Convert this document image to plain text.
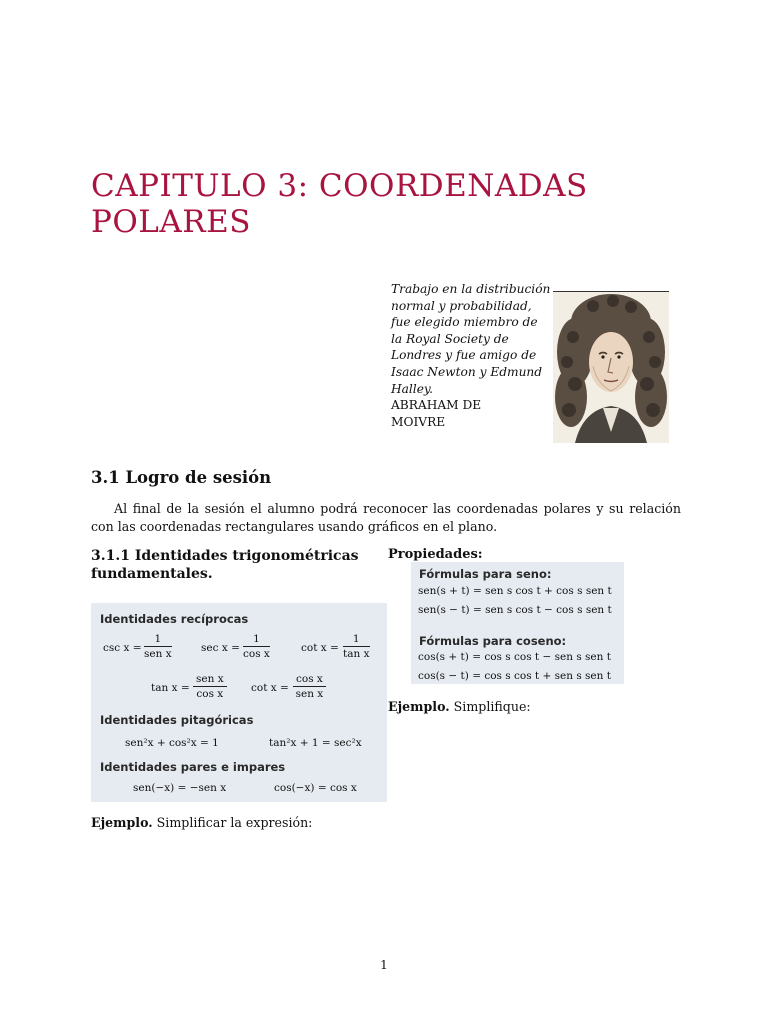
CAPITULO 3: COORDENADAS POLARES
Trabajo en la distribución normal y probabilidad, fue elegido miembro de la Royal Society de Londres y fue amigo de Isaac Newton y Edmund Halley.
ABRAHAM DE
MOIVRE
3.1 Logro de sesión
Al final de la sesión el alumno podrá reconocer las coordenadas polares y su relación con las coordenadas rectangulares usando gráficos en el plano.
3.1.1 Identidades trigonométricas fundamentales.
Propiedades:
Identidades recíprocas
csc x =
1
sen x	$\sec x = \frac{1}{\text{cos x}}$	$\cot x = \frac{1}{\text{tan x}}$
tan x =
sen x
cos x	cot x =
cos x
sen x
Identidades pitagóricas
sen²x + cos²x = 1	tan²x + 1 = sec²x
Identidades pares e impares
sen(−x) = −sen x	cos(−x) = cos x
Fórmulas para seno:
sen(s + t) = sen s cos t + cos s sen t
sen(s − t) = sen s cos t − cos s sen t
Fórmulas para coseno:
cos(s + t) = cos s cos t − sen s sen t
cos(s − t) = cos s cos t + sen s sen t
Ejemplo. Simplifique:
Ejemplo. Simplificar la expresión:
1
